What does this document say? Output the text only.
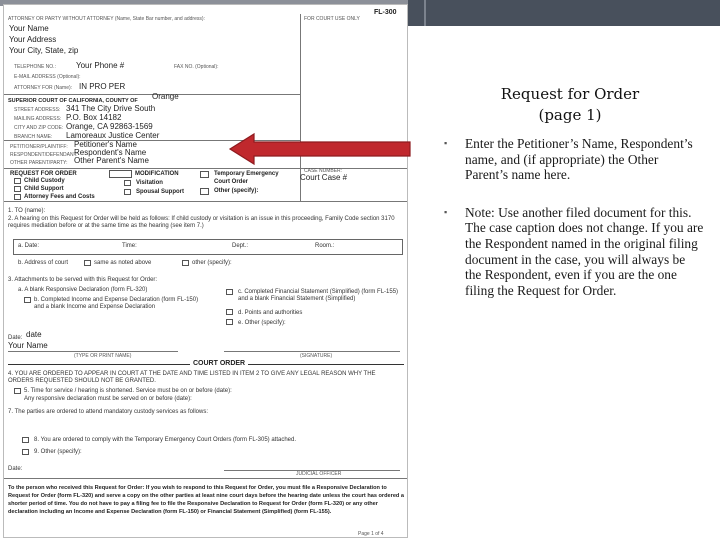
FL-300
ATTORNEY OR PARTY WITHOUT ATTORNEY (Name, State Bar number, and address):	FOR COURT USE ONLY
Your Name
Your Address
Your City, State, zip
TELEPHONE NO.:	Your Phone #	FAX NO. (Optional):
E-MAIL ADDRESS (Optional):
ATTORNEY FOR (Name): IN PRO PER
SUPERIOR COURT OF CALIFORNIA, COUNTY OF Orange
STREET ADDRESS: 341 The City Drive South
MAILING ADDRESS: P.O. Box 14182
CITY AND ZIP CODE: Orange, CA 92863-1569
BRANCH NAME: Lamoreaux Justice Center
PETITIONER/PLAINTIFF: Petitioner's Name
RESPONDENT/DEFENDANT:
Respondent's Name
OTHER PARENT/PARTY: Other Parent's Name
REQUEST FOR ORDER
Child Custody
Child Support
Attorney Fees and Costs
MODIFICATION
Visitation
Spousal Support
Temporary Emergency
Court Order
Other (specify):
CASE NUMBER:
Court Case #
1. TO (name):
2. A hearing on this Request for Order will be held as follows: If child custody or visitation is an issue in this proceeding, Family Code section 3170 requires mediation before or at the same time as the hearing (see item 7.)
a. Date:	Time:	Dept.:	Room.:
b. Address of court	same as noted above	other (specify):
3. Attachments to be served with this Request for Order:
a. A blank Responsive Declaration (form FL-320)
b. Completed Income and Expense Declaration (form FL-150) and a blank Income and Expense Declaration
c. Completed Financial Statement (Simplified) (form FL-155) and a blank Financial Statement (Simplified)
d. Points and authorities
e. Other (specify):
Date: date
Your Name
(TYPE OR PRINT NAME)	(SIGNATURE)
COURT ORDER
4. YOU ARE ORDERED TO APPEAR IN COURT AT THE DATE AND TIME LISTED IN ITEM 2 TO GIVE ANY LEGAL REASON WHY THE ORDERS REQUESTED SHOULD NOT BE GRANTED.
5. Time for service / hearing is shortened. Service must be on or before (date):
Any responsive declaration must be served on or before (date):
7. The parties are ordered to attend mandatory custody services as follows:
8. You are ordered to comply with the Temporary Emergency Court Orders (form FL-305) attached.
9. Other (specify):
Date:
JUDICIAL OFFICER
To the person who received this Request for Order: If you wish to respond to this Request for Order, you must file a Responsive Declaration to Request for Order (form FL-320) and serve a copy on the other parties at least nine court days before the hearing date unless the court has ordered a shorter period of time. You do not have to pay a filing fee to file the Responsive Declaration to Request for Order (form FL-320) or any other declaration including an Income and Expense Declaration (form FL-150) or Financial Statement (Simplified) (form FL-155).
Page 1 of 4
Request for Order (page 1)
▪ Enter the Petitioner’s Name, Respondent’s name, and (if appropriate) the Other Parent’s name here.
▪ Note: Use another filed document for this. The case caption does not change. If you are the Respondent named in the original filing document in the case, you will always be the Respondent, even if you are the one filing the Request for Order.
